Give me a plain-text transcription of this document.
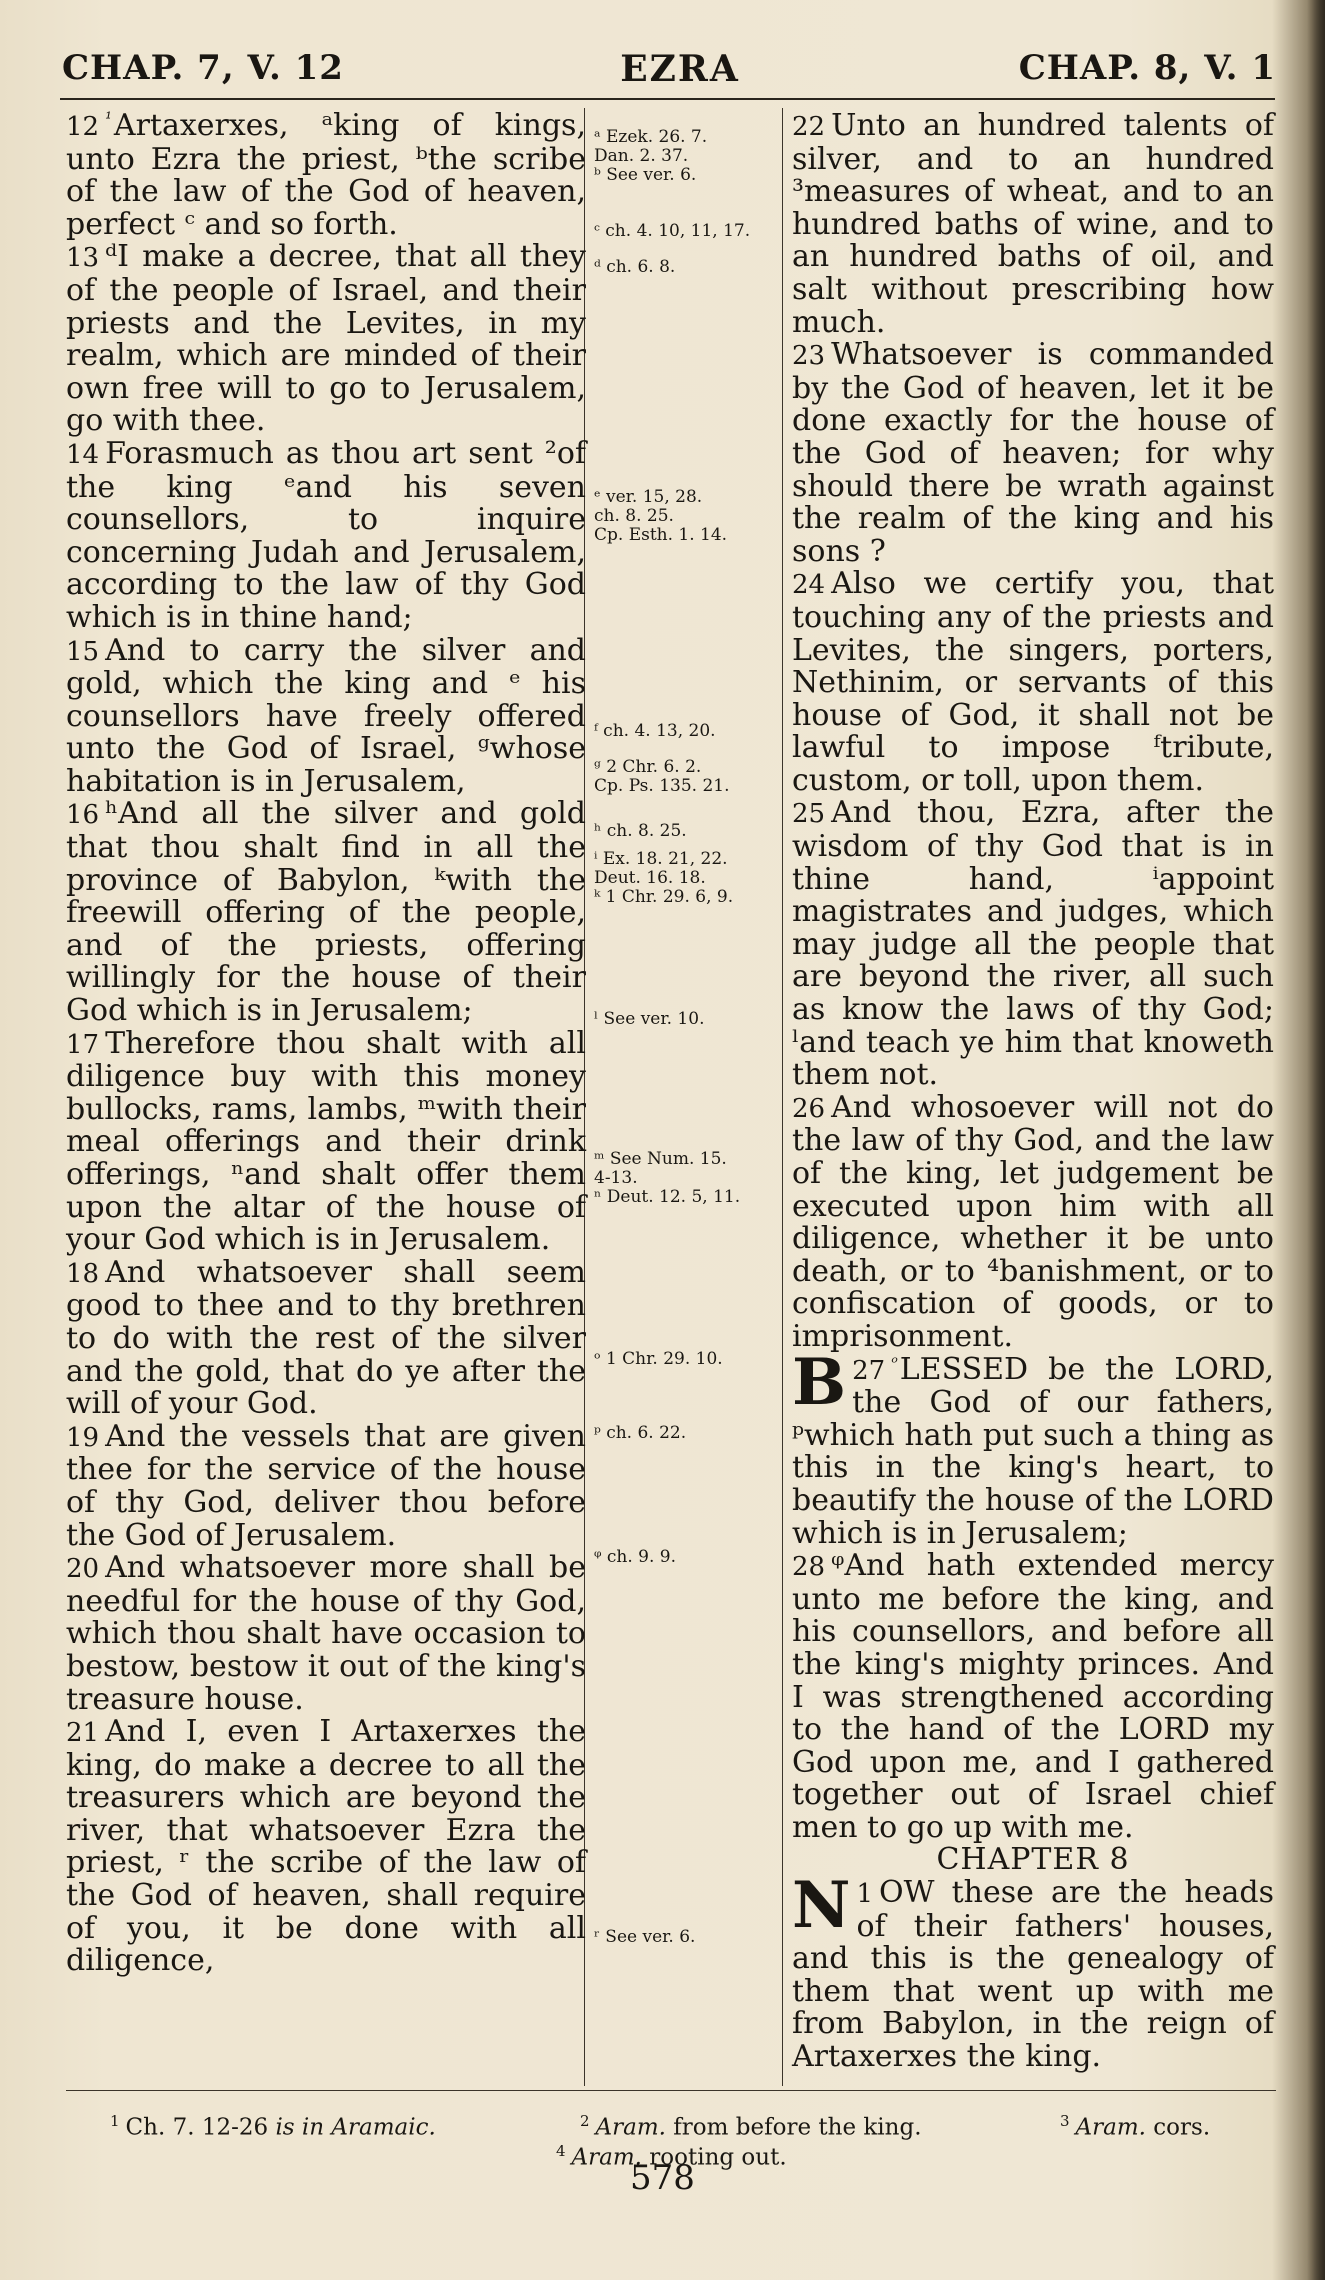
CHAP. 7, V. 12	EZRA	CHAP. 8, V. 1

12 $^{^1}$Artaxerxes, ᵃking of kings, unto Ezra the priest, ᵇthe scribe of the law of the God of heaven, perfect ᶜ and so forth.

13 ᵈI make a decree, that all they of the people of Israel, and their priests and the Levites, in my realm, which are minded of their own free will to go to Jerusalem, go with thee.

14 Forasmuch as thou art sent ²of the king ᵉand his seven counsellors, to inquire concerning Judah and Jerusalem, according to the law of thy God which is in thine hand;

15 And to carry the silver and gold, which the king and ᵉ his counsellors have freely offered unto the God of Israel, ᵍwhose habitation is in Jerusalem,

16 ʰAnd all the silver and gold that thou shalt find in all the province of Babylon, ᵏwith the freewill offering of the people, and of the priests, offering willingly for the house of their God which is in Jerusalem;

17 Therefore thou shalt with all diligence buy with this money bullocks, rams, lambs, ᵐwith their meal offerings and their drink offerings, ⁿand shalt offer them upon the altar of the house of your God which is in Jerusalem.

18 And whatsoever shall seem good to thee and to thy brethren to do with the rest of the silver and the gold, that do ye after the will of your God.

19 And the vessels that are given thee for the service of the house of thy God, deliver thou before the God of Jerusalem.

20 And whatsoever more shall be needful for the house of thy God, which thou shalt have occasion to bestow, bestow it out of the king's treasure house.

21 And I, even I Artaxerxes the king, do make a decree to all the treasurers which are beyond the river, that whatsoever Ezra the priest, ʳ the scribe of the law of the God of heaven, shall require of you, it be done with all diligence,

ᵃ Ezek. 26. 7.
Dan. 2. 37.
ᵇ See ver. 6.
ᶜ ch. 4. 10, 11, 17.
ᵈ ch. 6. 8.
ᵉ ver. 15, 28.
ch. 8. 25.
Cp. Esth. 1. 14.
ᶠ ch. 4. 13, 20.
ᵍ 2 Chr. 6. 2.
Cp. Ps. 135. 21.
ʰ ch. 8. 25.
ⁱ Ex. 18. 21, 22.
Deut. 16. 18.
ᵏ 1 Chr. 29. 6, 9.
ˡ See ver. 10.
ᵐ See Num. 15.
4-13.
ⁿ Deut. 12. 5, 11.
ᵒ 1 Chr. 29. 10.
ᵖ ch. 6. 22.
ᵠ ch. 9. 9.
ʳ See ver. 6.

22 Unto an hundred talents of silver, and to an hundred ³measures of wheat, and to an hundred baths of wine, and to an hundred baths of oil, and salt without prescribing how much.

23 Whatsoever is commanded by the God of heaven, let it be done exactly for the house of the God of heaven; for why should there be wrath against the realm of the king and his sons ?

24 Also we certify you, that touching any of the priests and Levites, the singers, porters, Nethinim, or servants of this house of God, it shall not be lawful to impose ᶠtribute, custom, or toll, upon them.

25 And thou, Ezra, after the wisdom of thy God that is in thine hand, ⁱappoint magistrates and judges, which may judge all the people that are beyond the river, all such as know the laws of thy God; ˡand teach ye him that knoweth them not.

26 And whosoever will not do the law of thy God, and the law of the king, let judgement be executed upon him with all diligence, whether it be unto death, or to ⁴banishment, or to confiscation of goods, or to imprisonment.

27 $^ᵒ$
B LESSED be the LORD, the God of our fathers, ᵖwhich hath put such a thing as this in the king's heart, to beautify the house of the LORD which is in Jerusalem;

28 ᵠAnd hath extended mercy unto me before the king, and his counsellors, and before all the king's mighty princes. And I was strengthened according to the hand of the LORD my God upon me, and I gathered together out of Israel chief men to go up with me.

CHAPTER 8

1
N OW these are the heads of their fathers' houses, and this is the genealogy of them that went up with me from Babylon, in the reign of Artaxerxes the king.

$^1$ Ch. 7. 12-26 is in Aramaic.	$^2$ Aram. from before the king.	$^3$ Aram. cors.
$^4$ Aram. rooting out.
578
